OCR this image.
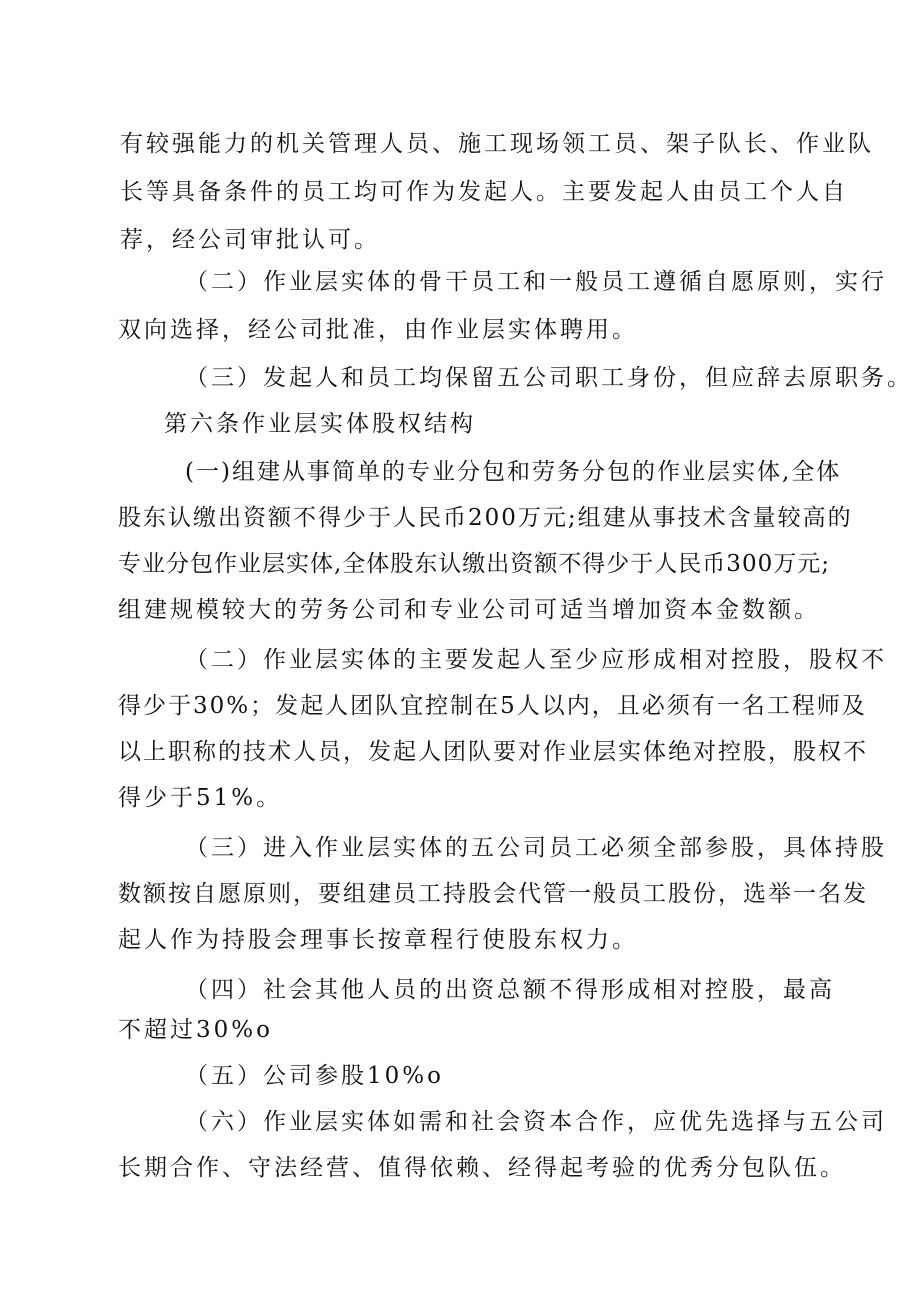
有较强能力的机关管理人员、施工现场领工员、架子队长、作业队
长等具备条件的员工均可作为发起人。主要发起人由员工个人自
荐，经公司审批认可。
（二）作业层实体的骨干员工和一般员工遵循自愿原则，实行
双向选择，经公司批准，由作业层实体聘用。
（三）发起人和员工均保留五公司职工身份，但应辞去原职务。
第六条作业层实体股权结构
(一)组建从事简单的专业分包和劳务分包的作业层实体,全体
股东认缴出资额不得少于人民币200万元;组建从事技术含量较高的
专业分包作业层实体,全体股东认缴出资额不得少于人民币300万元;
组建规模较大的劳务公司和专业公司可适当增加资本金数额。
（二）作业层实体的主要发起人至少应形成相对控股，股权不
得少于30%；发起人团队宜控制在5人以内，且必须有一名工程师及
以上职称的技术人员，发起人团队要对作业层实体绝对控股，股权不
得少于51%。
（三）进入作业层实体的五公司员工必须全部参股，具体持股
数额按自愿原则，要组建员工持股会代管一般员工股份，选举一名发
起人作为持股会理事长按章程行使股东权力。
（四）社会其他人员的出资总额不得形成相对控股，最高
不超过30%o
（五）公司参股10%o
（六）作业层实体如需和社会资本合作，应优先选择与五公司
长期合作、守法经营、值得依赖、经得起考验的优秀分包队伍。
